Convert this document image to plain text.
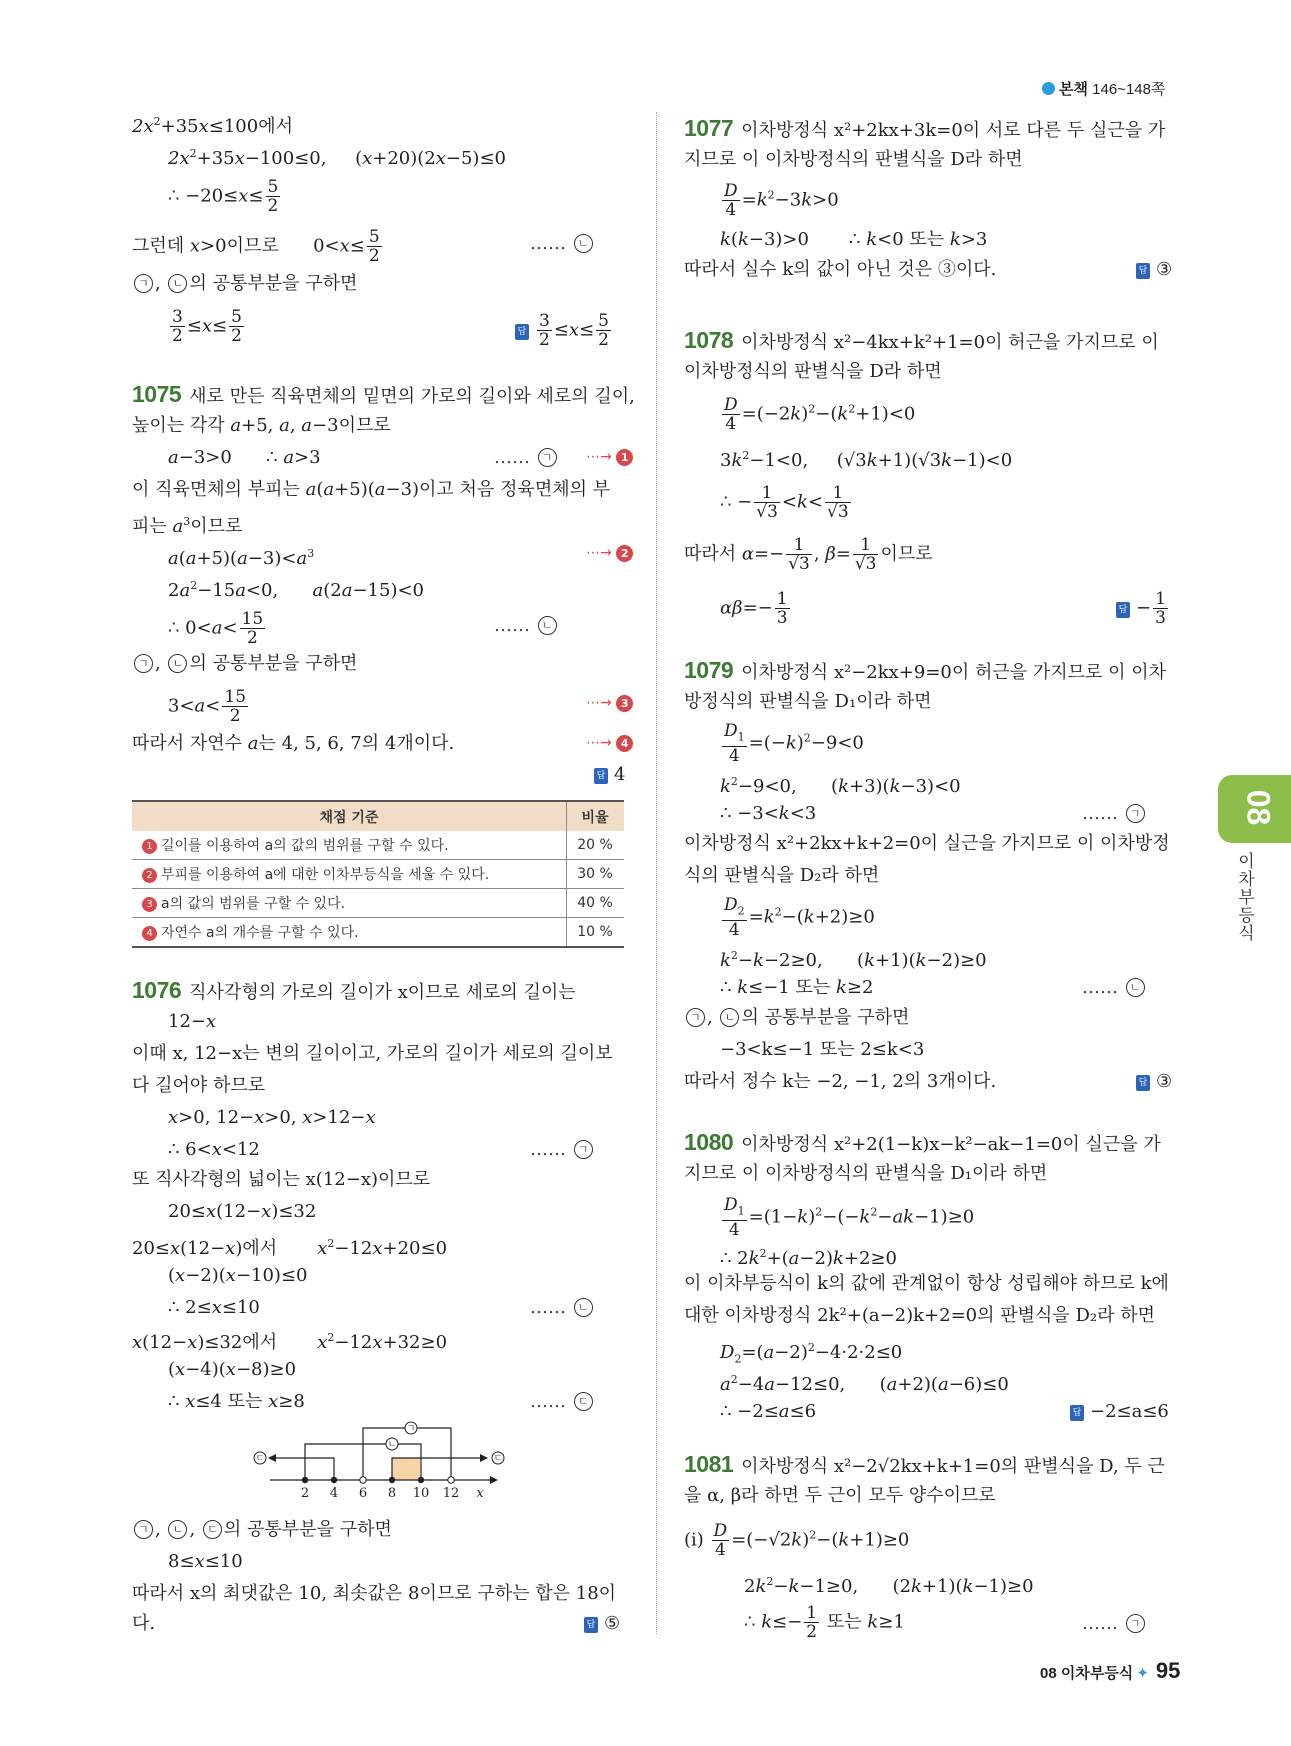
본책 146~148쪽
$2x^2+35x\le 100$에서
$2x^2+35x-100\le 0$,     (x+20)(2x−5)≤0
∴ $-20\le x\le \frac{5}{2}$
그런데 x>0이므로      $0<x\le \frac{5}{2}$	…… ㄴ
ㄱ , ㄴ 의 공통부분을 구하면
$\frac{3}{2} \le x\le \frac{5}{2}$	답 $\frac{3}{2} \le x\le \frac{5}{2}$
1075 새로 만든 직육면체의 밑면의 가로의 길이와 세로의 길이,
높이는 각각 a+5, a, a−3이므로
a−3>0      ∴ a>3	…… ㄱ	⋯→ 1
이 직육면체의 부피는 a(a+5)(a−3)이고 처음 정육면체의 부
피는 $a^3$이므로
$a(a+5)(a-3)<a^3$	⋯→ 2
$2a^2-15a<0$,      a(2a−15)<0
∴ $0<a< \frac{15}{2}$	…… ㄴ
ㄱ , ㄴ 의 공통부분을 구하면
$3<a< \frac{15}{2}$	⋯→ 3
따라서 자연수 a는 4, 5, 6, 7의 4개이다.	⋯→ 4
답 4
채점 기준	비율
1 길이를 이용하여 a의 값의 범위를 구할 수 있다.	20 %
2 부피를 이용하여 a에 대한 이차부등식을 세울 수 있다.	30 %
3 a의 값의 범위를 구할 수 있다.	40 %
4 자연수 a의 개수를 구할 수 있다.	10 %
1076 직사각형의 가로의 길이가 x이므로 세로의 길이는
12−x
이때 x, 12−x는 변의 길이이고, 가로의 길이가 세로의 길이보
다 길어야 하므로
x>0, 12−x>0, x>12−x
∴ 6<x<12	…… ㄱ
또 직사각형의 넓이는 x(12−x)이므로
20≤x(12−x)≤32
20≤x(12−x)에서 $x^2-12x+20\le 0$
(x−2)(x−10)≤0
∴ 2≤x≤10	…… ㄴ
x(12−x)≤32에서 $x^2-12x+32\ge 0$
(x−4)(x−8)≥0
∴ x≤4 또는 x≥8	…… ㄷ
2 4 6 8 10 12 x
ㄱ
ㄴ
ㄷ	ㄷ
ㄱ , ㄴ , ㄷ 의 공통부분을 구하면
8≤x≤10
따라서 x의 최댓값은 10, 최솟값은 8이므로 구하는 합은 18이
다.	답 ⑤
1077 이차방정식 x²+2kx+3k=0이 서로 다른 두 실근을 가
지므로 이 이차방정식의 판별식을 D라 하면
$\frac{D}{4} =k^2-3k>0$
k(k−3)>0       ∴ k<0 또는 k>3
따라서 실수 k의 값이 아닌 것은 ③이다.	답 ③
1078 이차방정식 x²−4kx+k²+1=0이 허근을 가지므로 이
이차방정식의 판별식을 D라 하면
$\frac{D}{4} =(-2k)^2-(k^2+1)<0$
$3k^2-1<0$,     (√3k+1)(√3k−1)<0
∴ − $\frac{1}{√3} <k< \frac{1}{√3}$
따라서 $\alpha=- \frac{1}{√3}$ , $\beta= \frac{1}{√3}$ 이므로
$\alpha\beta=- \frac{1}{3}$	답 − $\frac{1}{3}$
1079 이차방정식 x²−2kx+9=0이 허근을 가지므로 이 이차
방정식의 판별식을 D₁이라 하면
$\frac{D_1}{4} =(-k)^2-9<0$
$k^2-9<0$,      (k+3)(k−3)<0
∴ −3<k<3	…… ㄱ
이차방정식 x²+2kx+k+2=0이 실근을 가지므로 이 이차방정
식의 판별식을 D₂라 하면
$\frac{D_2}{4} =k^2-(k+2)\ge 0$
$k^2-k-2\ge 0$,      (k+1)(k−2)≥0
∴ k≤−1 또는 k≥2	…… ㄴ
ㄱ , ㄴ 의 공통부분을 구하면
−3<k≤−1 또는 2≤k<3
따라서 정수 k는 −2, −1, 2의 3개이다.	답 ③
1080 이차방정식 x²+2(1−k)x−k²−ak−1=0이 실근을 가
지므로 이 이차방정식의 판별식을 D₁이라 하면
$\frac{D_1}{4} =(1-k)^2-(-k^2-ak-1)\ge 0$
∴ $2k^2+(a-2)k+2\ge 0$
이 이차부등식이 k의 값에 관계없이 항상 성립해야 하므로 k에
대한 이차방정식 2k²+(a−2)k+2=0의 판별식을 D₂라 하면
$D_2=(a-2)^2-4\cdot 2\cdot 2\le 0$
$a^2-4a-12\le 0$,      (a+2)(a−6)≤0
∴ −2≤a≤6	답 −2≤a≤6
1081 이차방정식 x²−2√2kx+k+1=0의 판별식을 D, 두 근
을 α, β라 하면 두 근이 모두 양수이므로
(ⅰ) $\frac{D}{4} =(-√2k)^2-(k+1)\ge 0$
$2k^2-k-1\ge 0$,      (2k+1)(k−1)≥0
∴ $k\le- \frac{1}{2}$ 또는 k≥1	…… ㄱ
08
이차부등식
08 이차부등식 ✦ 95
